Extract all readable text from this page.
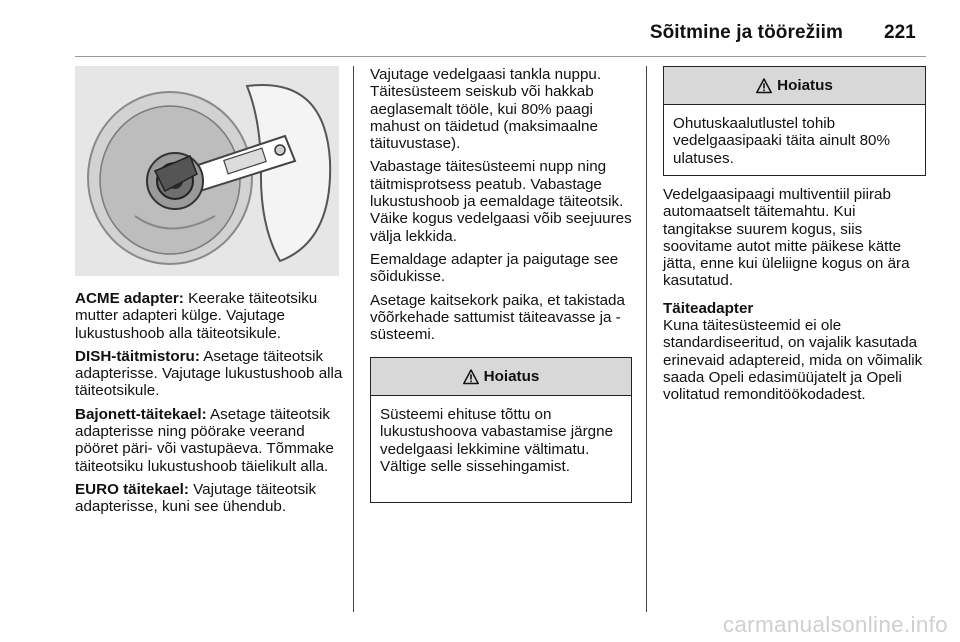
Sõitmine ja töörežiim 221

ACME adapter: Keerake täiteotsiku mutter adapteri külge. Vajutage lukustushoob alla täiteotsikule.

DISH-täitmistoru: Asetage täiteotsik adapterisse. Vajutage lukustushoob alla täiteotsikule.

Bajonett-täitekael: Asetage täiteotsik adapterisse ning pöörake veerand pööret päri- või vastupäeva. Tõmmake täiteotsiku lukustushoob täielikult alla.

EURO täitekael: Vajutage täiteotsik adapterisse, kuni see ühendub.

Vajutage vedelgaasi tankla nuppu. Täitesüsteem seiskub või hakkab aeglasemalt tööle, kui 80% paagi mahust on täidetud (maksimaalne täituvustase).

Vabastage täitesüsteemi nupp ning täitmisprotsess peatub. Vabastage lukustushoob ja eemaldage täiteotsik. Väike kogus vedelgaasi võib seejuures välja lekkida.

Eemaldage adapter ja paigutage see sõidukisse.

Asetage kaitsekork paika, et takistada võõrkehade sattumist täiteavasse ja -süsteemi.

Hoiatus
Süsteemi ehituse tõttu on lukustushoova vabastamise järgne vedelgaasi lekkimine vältimatu. Vältige selle sissehingamist.
Hoiatus
Ohutuskaalutlustel tohib vedelgaasipaaki täita ainult 80% ulatuses.

Vedelgaasipaagi multiventiil piirab automaatselt täitemahtu. Kui tangitakse suurem kogus, siis soovitame autot mitte päikese kätte jätta, enne kui üleliigne kogus on ära kasutatud.

Täiteadapter

Kuna täitesüsteemid ei ole standardiseeritud, on vajalik kasutada erinevaid adaptereid, mida on võimalik saada Opeli edasimüüjatelt ja Opeli volitatud remonditöökodadest.

carmanualsonline.info
